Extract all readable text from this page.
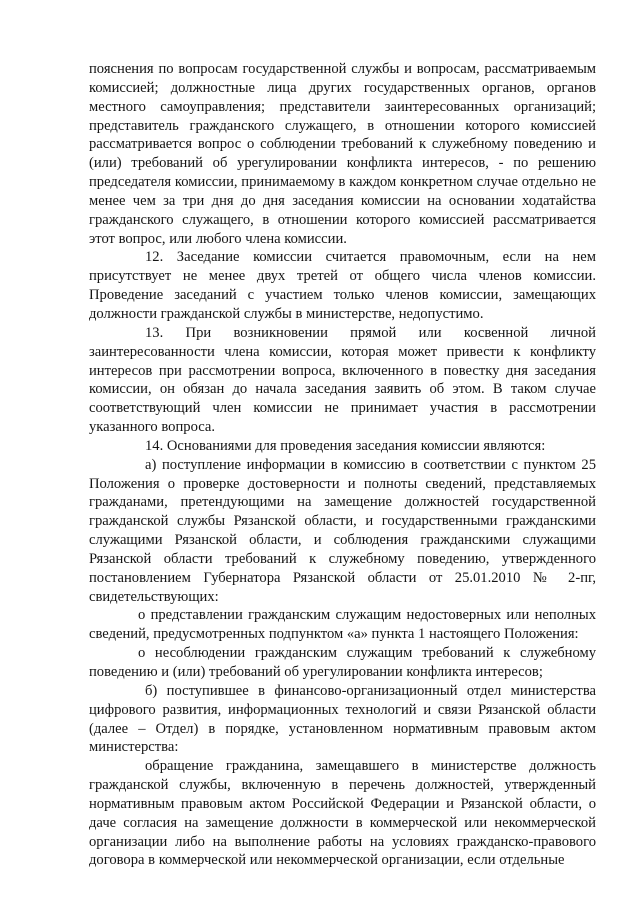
пояснения по вопросам государственной службы и вопросам, рассматриваемым комиссией; должностные лица других государственных органов, органов местного самоуправления; представители заинтересованных организаций; представитель гражданского служащего, в отношении которого комиссией рассматривается вопрос о соблюдении требований к служебному поведению и (или) требований об урегулировании конфликта интересов, - по решению председателя комиссии, принимаемому в каждом конкретном случае отдельно не менее чем за три дня до дня заседания комиссии на основании ходатайства гражданского служащего, в отношении которого комиссией рассматривается этот вопрос, или любого члена комиссии.

12. Заседание комиссии считается правомочным, если на нем присутствует не менее двух третей от общего числа членов комиссии. Проведение заседаний с участием только членов комиссии, замещающих должности гражданской службы в министерстве, недопустимо.

13. При возникновении прямой или косвенной личной заинтересованности члена комиссии, которая может привести к конфликту интересов при рассмотрении вопроса, включенного в повестку дня заседания комиссии, он обязан до начала заседания заявить об этом. В таком случае соответствующий член комиссии не принимает участия в рассмотрении указанного вопроса.

14. Основаниями для проведения заседания комиссии являются:

а) поступление информации в комиссию в соответствии с пунктом 25 Положения о проверке достоверности и полноты сведений, представляемых гражданами, претендующими на замещение должностей государственной гражданской службы Рязанской области, и государственными гражданскими служащими Рязанской области, и соблюдения гражданскими служащими Рязанской области требований к служебному поведению, утвержденного постановлением Губернатора Рязанской области от 25.01.2010 № 2-пг, свидетельствующих:

о представлении гражданским служащим недостоверных или неполных сведений, предусмотренных подпунктом «а» пункта 1 настоящего Положения:

о несоблюдении гражданским служащим требований к служебному поведению и (или) требований об урегулировании конфликта интересов;

б) поступившее в финансово-организационный отдел министерства цифрового развития, информационных технологий и связи Рязанской области (далее – Отдел) в порядке, установленном нормативным правовым актом министерства:

обращение гражданина, замещавшего в министерстве должность гражданской службы, включенную в перечень должностей, утвержденный нормативным правовым актом Российской Федерации и Рязанской области, о даче согласия на замещение должности в коммерческой или некоммерческой организации либо на выполнение работы на условиях гражданско-правового договора в коммерческой или некоммерческой организации, если отдельные
